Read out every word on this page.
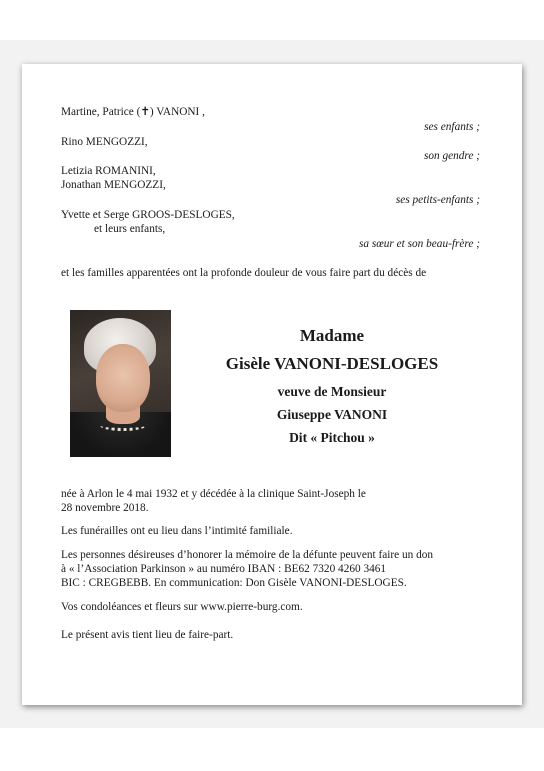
Martine, Patrice (✝) VANONI ,
ses enfants ;
Rino MENGOZZI,
son gendre ;
Letizia ROMANINI,
Jonathan MENGOZZI,
ses petits-enfants ;
Yvette et Serge GROOS-DESLOGES,
et leurs enfants,
sa sœur et son beau-frère ;
et les familles apparentées ont la profonde douleur de vous faire part du décès de
Madame
Gisèle VANONI-DESLOGES
veuve de Monsieur
Giuseppe VANONI
Dit « Pitchou »
née à Arlon le 4 mai 1932 et y décédée à la clinique Saint-Joseph le
28 novembre 2018.
Les funérailles ont eu lieu dans l’intimité familiale.
Les personnes désireuses d’honorer la mémoire de la défunte peuvent faire un don
à « l’Association Parkinson » au numéro IBAN : BE62 7320 4260 3461
BIC : CREGBEBB. En communication: Don Gisèle VANONI-DESLOGES.
Vos condoléances et fleurs sur www.pierre-burg.com.
Le présent avis tient lieu de faire-part.
